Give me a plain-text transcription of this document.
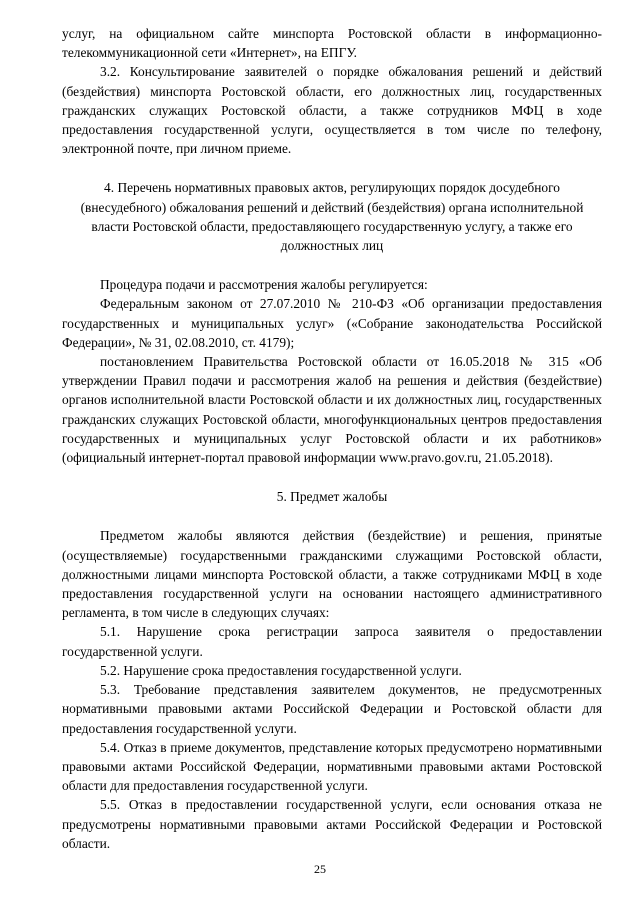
услуг, на официальном сайте минспорта Ростовской области в информационно-телекоммуникационной сети «Интернет», на ЕПГУ.

3.2. Консультирование заявителей о порядке обжалования решений и действий (бездействия) минспорта Ростовской области, его должностных лиц, государственных гражданских служащих Ростовской области, а также сотрудников МФЦ в ходе предоставления государственной услуги, осуществляется в том числе по телефону, электронной почте, при личном приеме.

4. Перечень нормативных правовых актов, регулирующих порядок досудебного (внесудебного) обжалования решений и действий (бездействия) органа исполнительной власти Ростовской области, предоставляющего государственную услугу, а также его должностных лиц

Процедура подачи и рассмотрения жалобы регулируется:

Федеральным законом от 27.07.2010 № 210-ФЗ «Об организации предоставления государственных и муниципальных услуг» («Собрание законодательства Российской Федерации», № 31, 02.08.2010, ст. 4179);

постановлением Правительства Ростовской области от 16.05.2018 № 315 «Об утверждении Правил подачи и рассмотрения жалоб на решения и действия (бездействие) органов исполнительной власти Ростовской области и их должностных лиц, государственных гражданских служащих Ростовской области, многофункциональных центров предоставления государственных и муниципальных услуг Ростовской области и их работников» (официальный интернет-портал правовой информации www.pravo.gov.ru, 21.05.2018).

5. Предмет жалобы

Предметом жалобы являются действия (бездействие) и решения, принятые (осуществляемые) государственными гражданскими служащими Ростовской области, должностными лицами минспорта Ростовской области, а также сотрудниками МФЦ в ходе предоставления государственной услуги на основании настоящего административного регламента, в том числе в следующих случаях:

5.1. Нарушение срока регистрации запроса заявителя о предоставлении государственной услуги.

5.2. Нарушение срока предоставления государственной услуги.

5.3. Требование представления заявителем документов, не предусмотренных нормативными правовыми актами Российской Федерации и Ростовской области для предоставления государственной услуги.

5.4. Отказ в приеме документов, представление которых предусмотрено нормативными правовыми актами Российской Федерации, нормативными правовыми актами Ростовской области для предоставления государственной услуги.

5.5. Отказ в предоставлении государственной услуги, если основания отказа не предусмотрены нормативными правовыми актами Российской Федерации и Ростовской области.

25
